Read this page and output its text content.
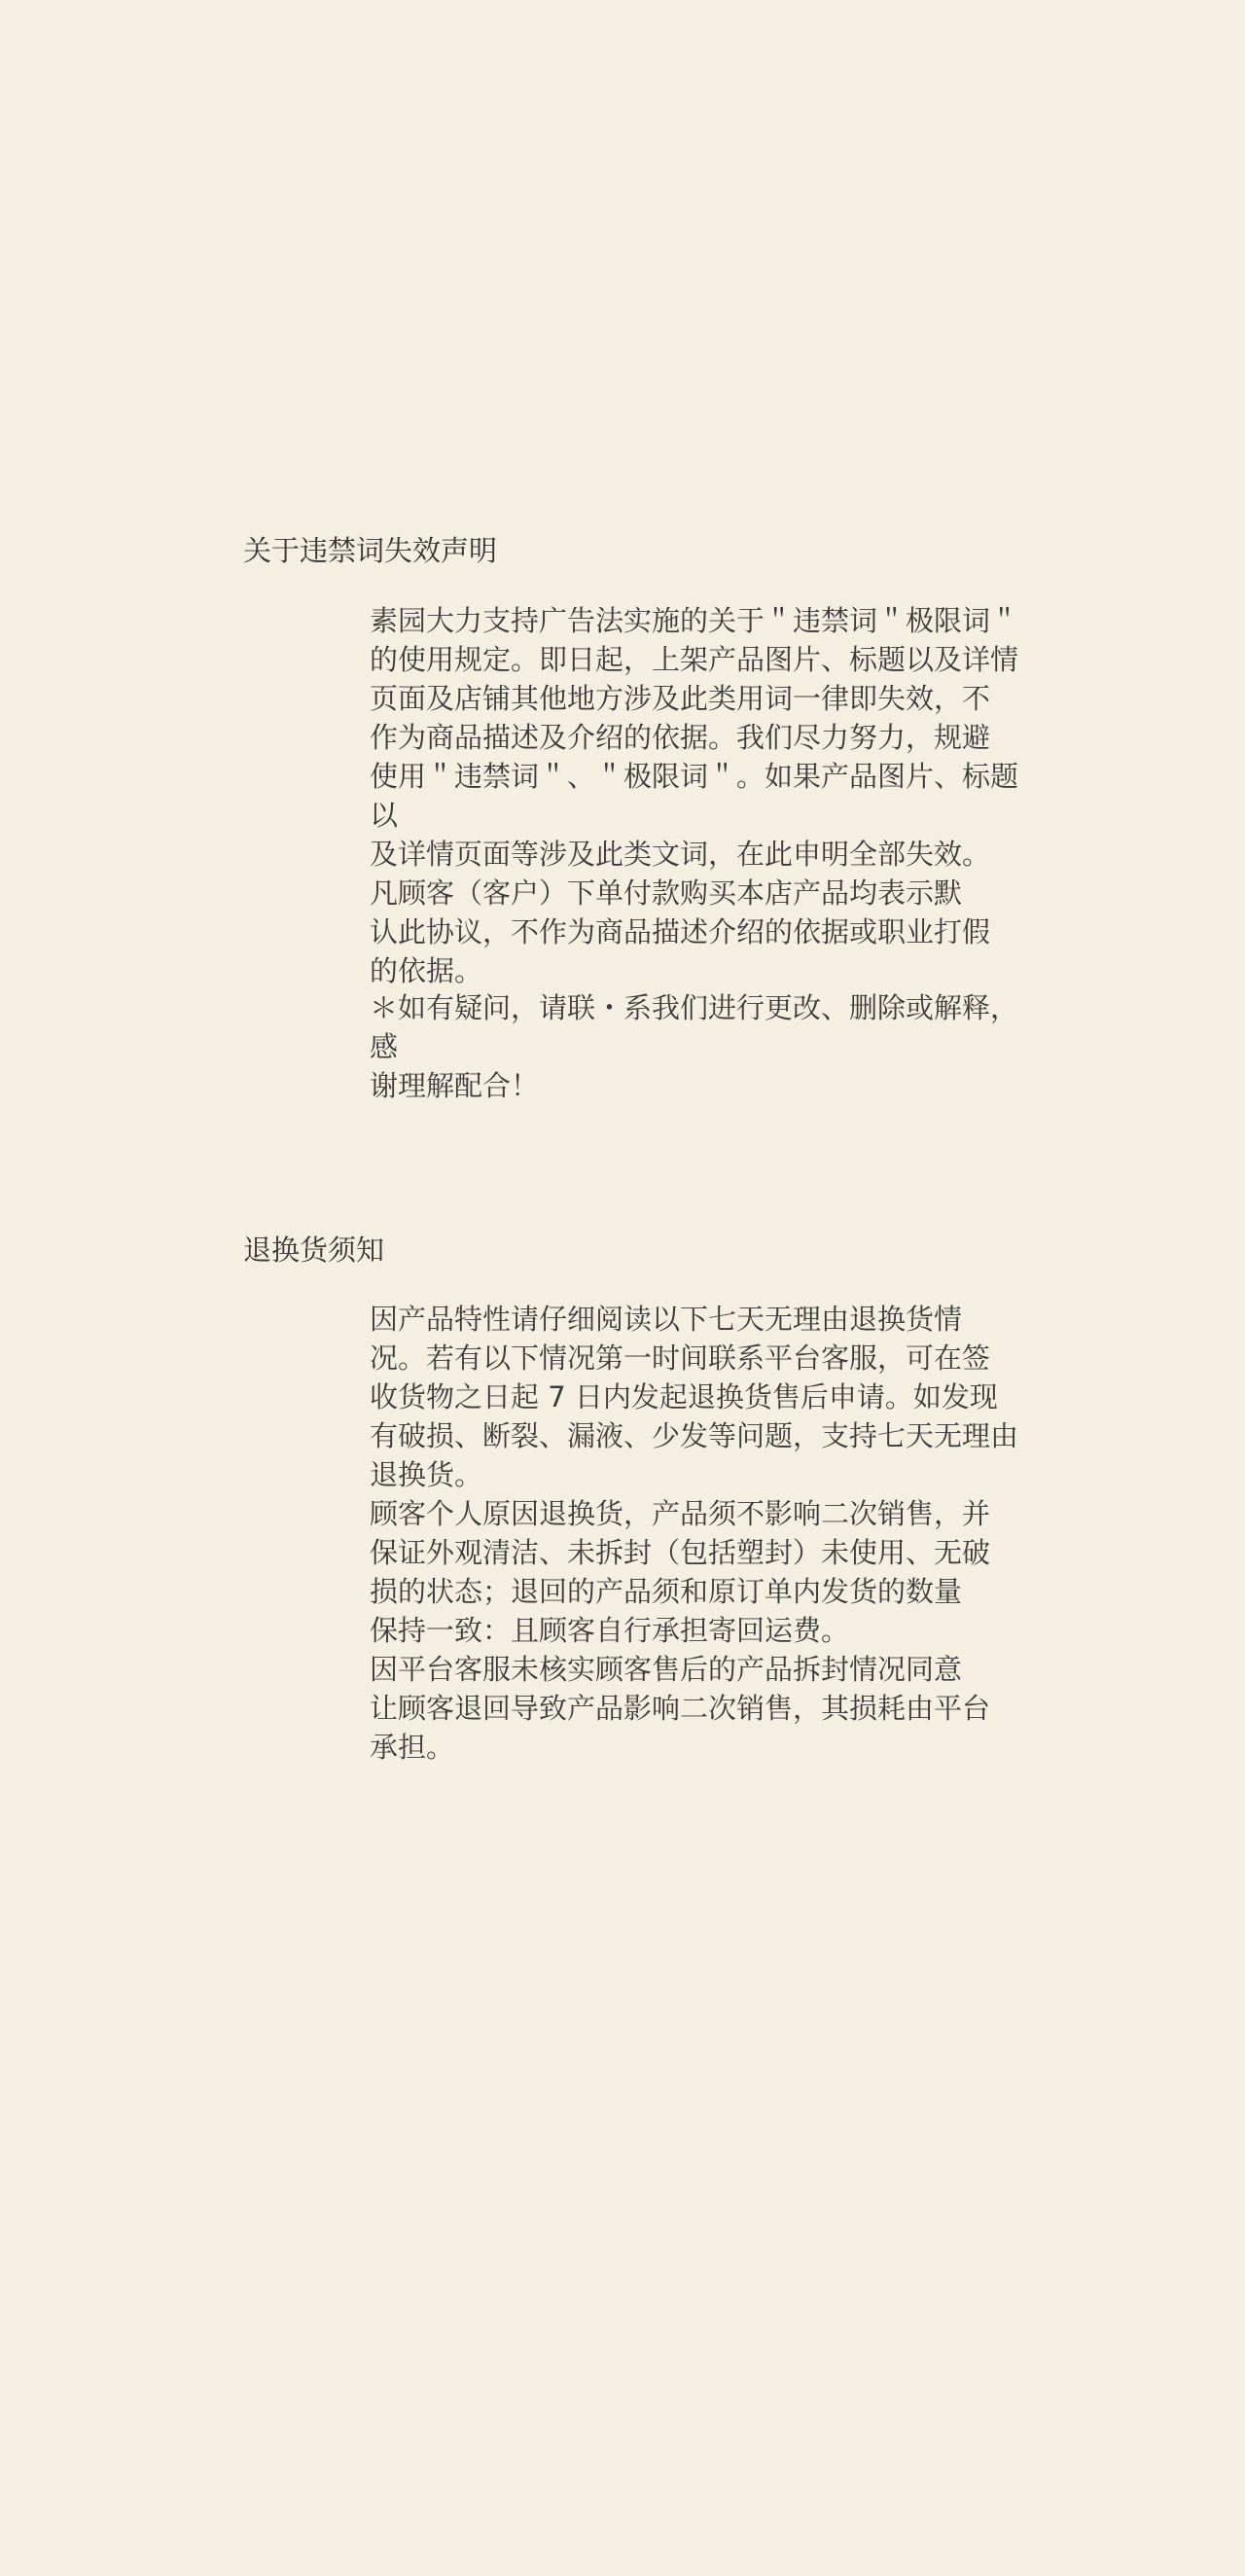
关于违禁词失效声明

素园大力支持广告法实施的关于＂违禁词＂极限词＂
的使用规定。即日起，上架产品图片、标题以及详情
页面及店铺其他地方涉及此类用词一律即失效，不
作为商品描述及介绍的依据。我们尽力努力，规避
使用＂违禁词＂、＂极限词＂。如果产品图片、标题以
及详情页面等涉及此类文词，在此申明全部失效。
凡顾客（客户）下单付款购买本店产品均表示默
认此协议，不作为商品描述介绍的依据或职业打假
的依据。

＊如有疑问，请联・系我们进行更改、删除或解释，感
谢理解配合！

退换货须知

因产品特性请仔细阅读以下七天无理由退换货情
况。若有以下情况第一时间联系平台客服，可在签
收货物之日起 7 日内发起退换货售后申请。如发现
有破损、断裂、漏液、少发等问题，支持七天无理由
退换货。

顾客个人原因退换货，产品须不影响二次销售，并
保证外观清洁、未拆封（包括塑封）未使用、无破
损的状态；退回的产品须和原订单内发货的数量
保持一致：且顾客自行承担寄回运费。

因平台客服未核实顾客售后的产品拆封情况同意
让顾客退回导致产品影响二次销售，其损耗由平台
承担。
